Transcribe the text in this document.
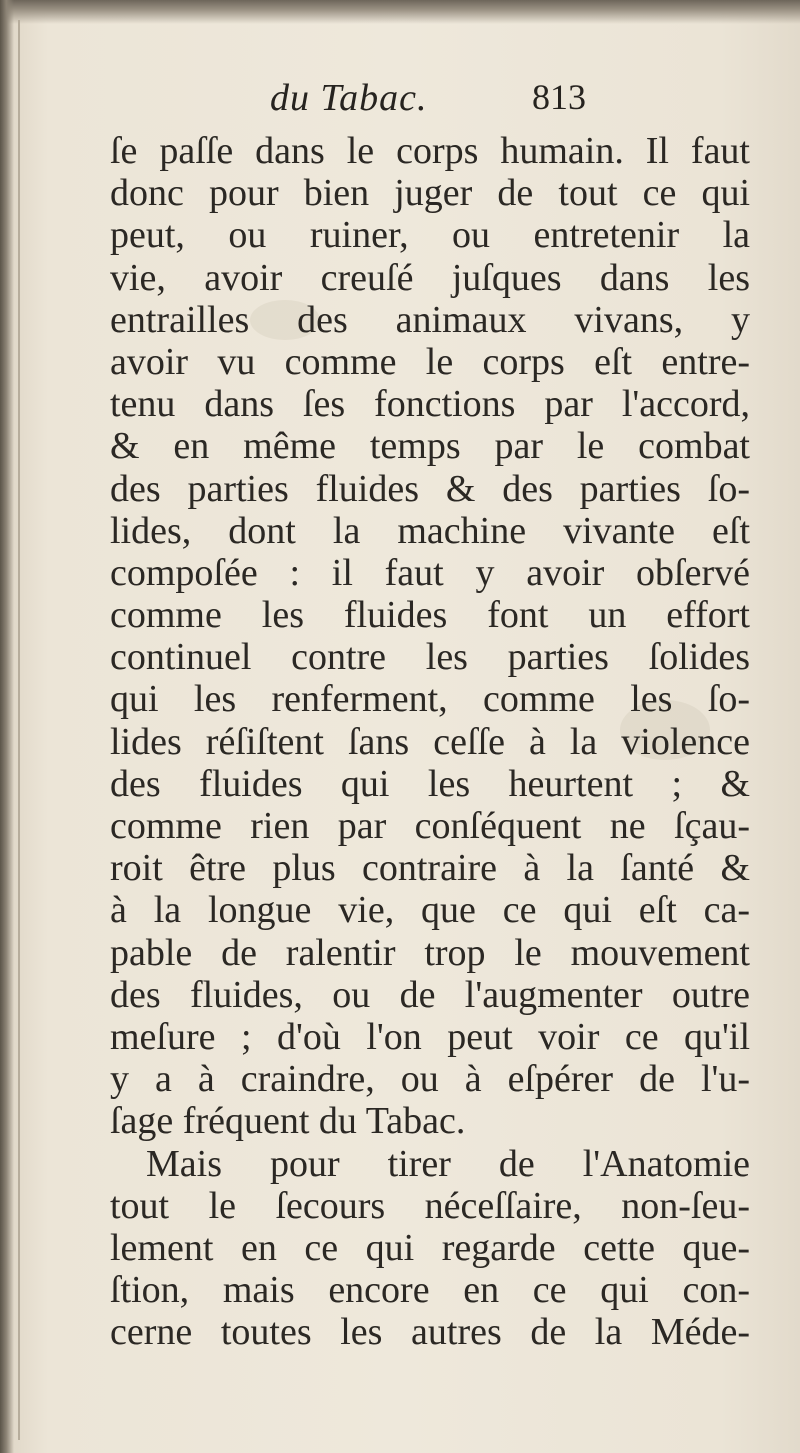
du Tabac.	813
ſe paſſe dans le corps humain. Il faut
donc pour bien juger de tout ce qui
peut, ou ruiner, ou entretenir la
vie, avoir creuſé juſques dans les
entrailles des animaux vivans, y
avoir vu comme le corps eſt entre-
tenu dans ſes fonctions par l'accord,
& en même temps par le combat
des parties fluides & des parties ſo-
lides, dont la machine vivante eſt
compoſée : il faut y avoir obſervé
comme les fluides font un effort
continuel contre les parties ſolides
qui les renferment, comme les ſo-
lides réſiſtent ſans ceſſe à la violence
des fluides qui les heurtent ; &
comme rien par conſéquent ne ſçau-
roit être plus contraire à la ſanté &
à la longue vie, que ce qui eſt ca-
pable de ralentir trop le mouvement
des fluides, ou de l'augmenter outre
meſure ; d'où l'on peut voir ce qu'il
y a à craindre, ou à eſpérer de l'u-
ſage fréquent du Tabac.
Mais pour tirer de l'Anatomie
tout le ſecours néceſſaire, non-ſeu-
lement en ce qui regarde cette que-
ſtion, mais encore en ce qui con-
cerne toutes les autres de la Méde-
